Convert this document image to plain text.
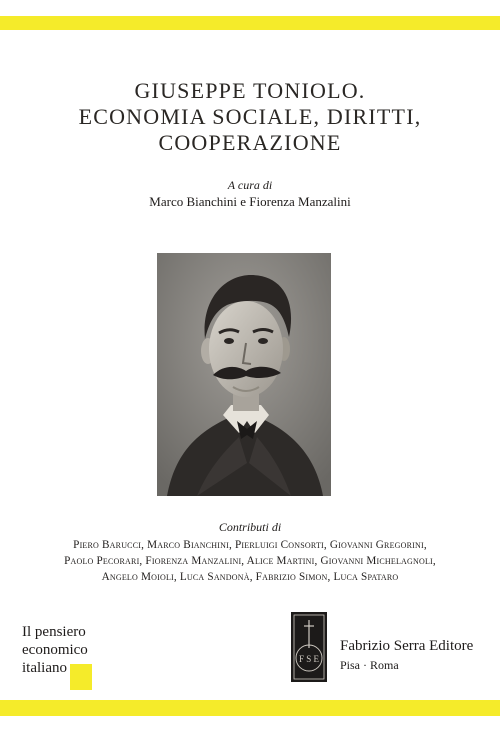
GIUSEPPE TONIOLO.
ECONOMIA SOCIALE, DIRITTI,
COOPERAZIONE
A cura di
Marco Bianchini e Fiorenza Manzalini
Contributi di
Piero Barucci, Marco Bianchini, Pierluigi Consorti, Giovanni Gregorini,
Paolo Pecorari, Fiorenza Manzalini, Alice Martini, Giovanni Michelagnoli,
Angelo Moioli, Luca Sandonà, Fabrizio Simon, Luca Spataro
Il pensiero
economico
italiano
F S E
Fabrizio Serra Editore
Pisa · Roma
